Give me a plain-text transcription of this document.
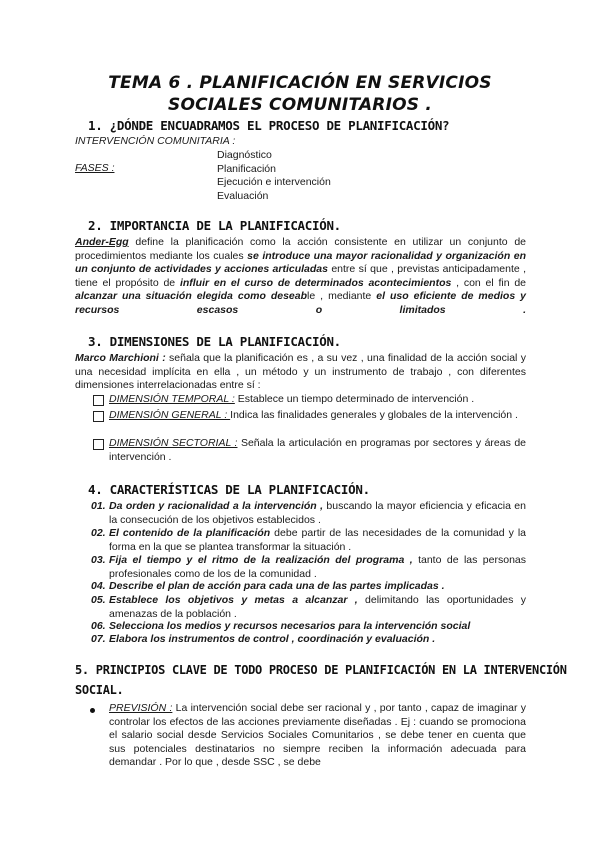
TEMA 6 . PLANIFICACIÓN EN SERVICIOS
SOCIALES COMUNITARIOS .
1. ¿DÓNDE ENCUADRAMOS EL PROCESO DE PLANIFICACIÓN?
INTERVENCIÓN COMUNITARIA :
FASES :
Diagnóstico
Planificación
Ejecución e intervención
Evaluación
2. IMPORTANCIA DE LA PLANIFICACIÓN.
Ander-Egg define la planificación como la acción consistente en utilizar un conjunto de procedimientos mediante los cuales se introduce una mayor racionalidad y organización en un conjunto de actividades y acciones articuladas entre sí que , previstas anticipadamente , tiene el propósito de influir en el curso de determinados acontecimientos , con el fin de alcanzar una situación elegida como deseable , mediante el uso eficiente de medios y recursos escasos o limitados .
3. DIMENSIONES DE LA PLANIFICACIÓN.
Marco Marchioni : señala que la planificación es , a su vez , una finalidad de la acción social y una necesidad implícita en ella , un método y un instrumento de trabajo , con diferentes dimensiones interrelacionadas entre sí :
DIMENSIÓN TEMPORAL : Establece un tiempo determinado de intervención .
DIMENSIÓN GENERAL : Indica las finalidades generales y globales de la intervención .
DIMENSIÓN SECTORIAL : Señala la articulación en programas por sectores y áreas de intervención .
4. CARACTERÍSTICAS DE LA PLANIFICACIÓN.
01. Da orden y racionalidad a la intervención , buscando la mayor eficiencia y eficacia en la consecución de los objetivos establecidos .
02. El contenido de la planificación debe partir de las necesidades de la comunidad y la forma en la que se plantea transformar la situación .
03. Fija el tiempo y el ritmo de la realización del programa , tanto de las personas profesionales como de los de la comunidad .
04. Describe el plan de acción para cada una de las partes implicadas .
05. Establece los objetivos y metas a alcanzar , delimitando las oportunidades y amenazas de la población .
06. Selecciona los medios y recursos necesarios para la intervención social
07. Elabora los instrumentos de control , coordinación y evaluación .
5. PRINCIPIOS CLAVE DE TODO PROCESO DE PLANIFICACIÓN EN LA INTERVENCIÓN
SOCIAL.
PREVISIÓN : La intervención social debe ser racional y , por tanto , capaz de imaginar y controlar los efectos de las acciones previamente diseñadas . Ej : cuando se promociona el salario social desde Servicios Sociales Comunitarios , se debe tener en cuenta que sus potenciales destinatarios no siempre reciben la información adecuada para demandar . Por lo que , desde SSC , se debe
